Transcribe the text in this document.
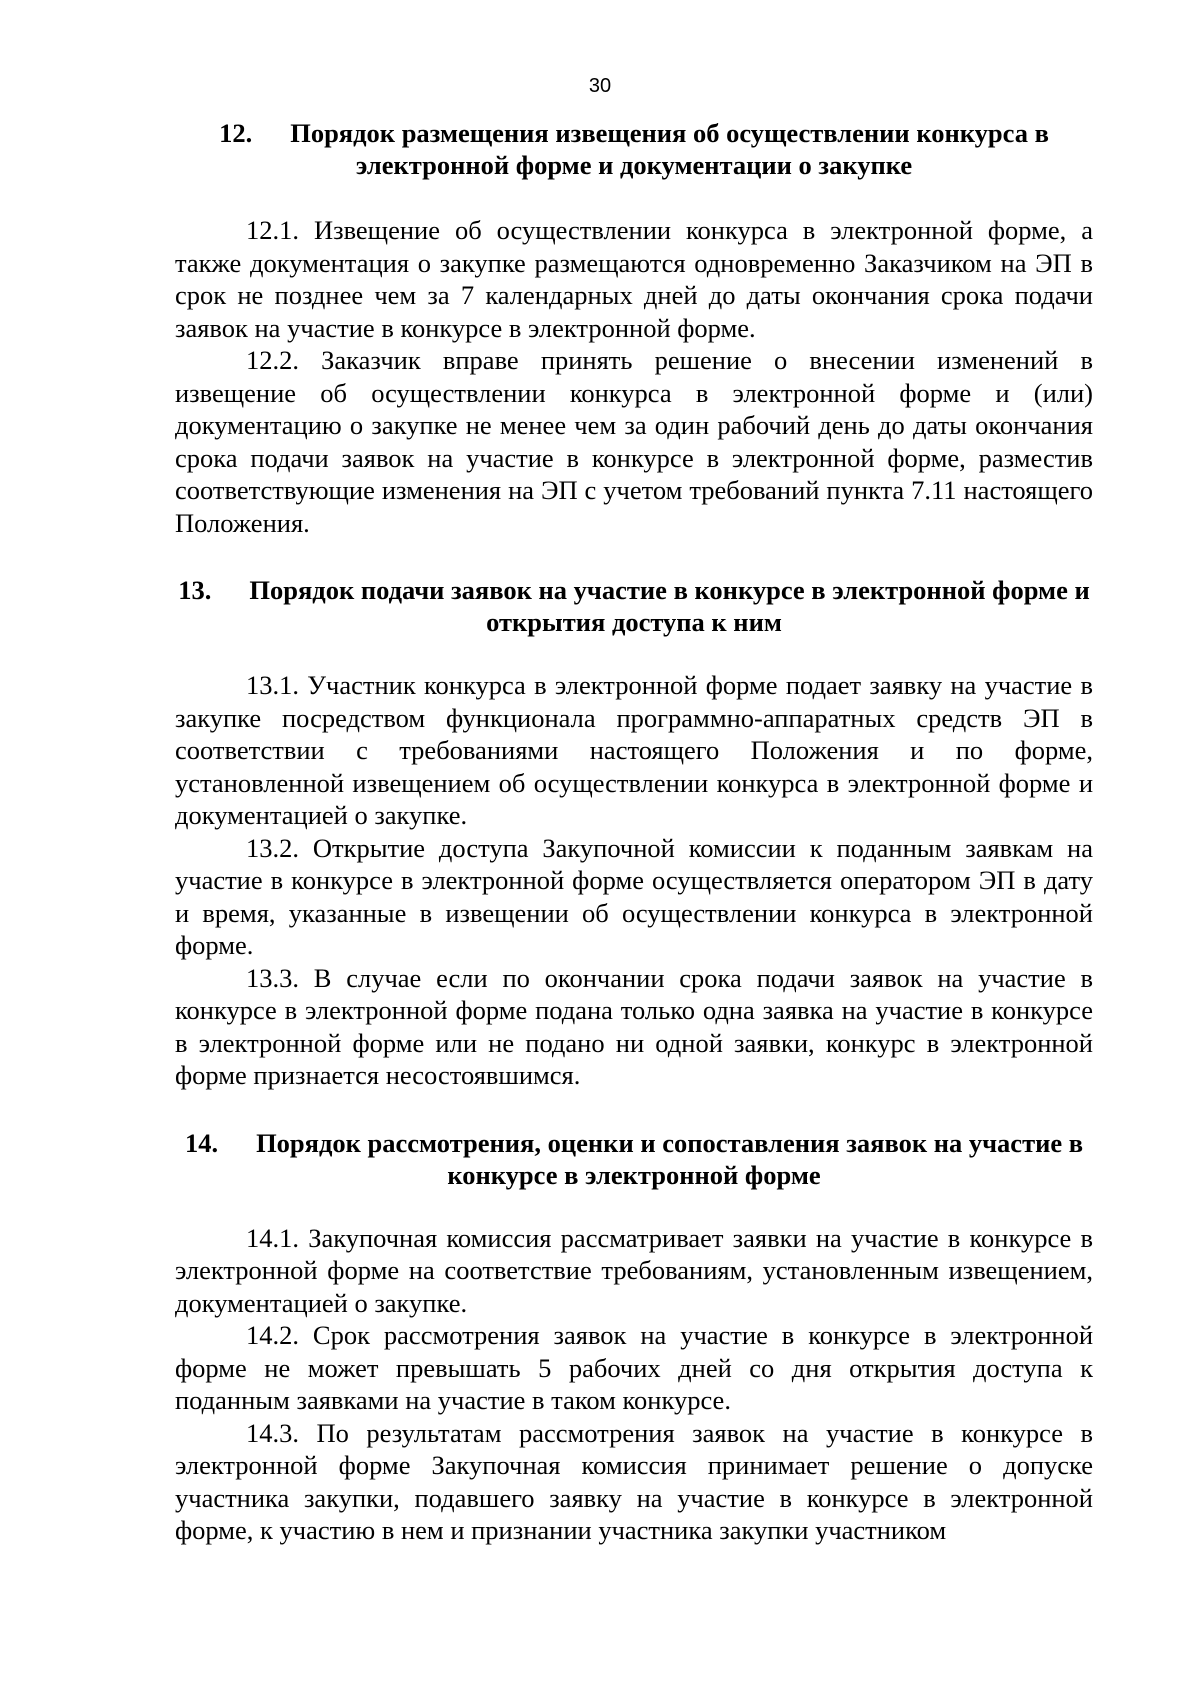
30
12. Порядок размещения извещения об осуществлении конкурса в электронной форме и документации о закупке

12.1. Извещение об осуществлении конкурса в электронной форме, а также документация о закупке размещаются одновременно Заказчиком на ЭП в срок не позднее чем за 7 календарных дней до даты окончания срока подачи заявок на участие в конкурсе в электронной форме.

12.2. Заказчик вправе принять решение о внесении изменений в извещение об осуществлении конкурса в электронной форме и (или) документацию о закупке не менее чем за один рабочий день до даты окончания срока подачи заявок на участие в конкурсе в электронной форме, разместив соответствующие изменения на ЭП с учетом требований пункта 7.11 настоящего Положения.

13. Порядок подачи заявок на участие в конкурсе в электронной форме и открытия доступа к ним

13.1. Участник конкурса в электронной форме подает заявку на участие в закупке посредством функционала программно-аппаратных средств ЭП в соответствии с требованиями настоящего Положения и по форме, установленной извещением об осуществлении конкурса в электронной форме и документацией о закупке.

13.2. Открытие доступа Закупочной комиссии к поданным заявкам на участие в конкурсе в электронной форме осуществляется оператором ЭП в дату и время, указанные в извещении об осуществлении конкурса в электронной форме.

13.3. В случае если по окончании срока подачи заявок на участие в конкурсе в электронной форме подана только одна заявка на участие в конкурсе в электронной форме или не подано ни одной заявки, конкурс в электронной форме признается несостоявшимся.

14. Порядок рассмотрения, оценки и сопоставления заявок на участие в конкурсе в электронной форме

14.1. Закупочная комиссия рассматривает заявки на участие в конкурсе в электронной форме на соответствие требованиям, установленным извещением, документацией о закупке.

14.2. Срок рассмотрения заявок на участие в конкурсе в электронной форме не может превышать 5 рабочих дней со дня открытия доступа к поданным заявками на участие в таком конкурсе.

14.3. По результатам рассмотрения заявок на участие в конкурсе в электронной форме Закупочная комиссия принимает решение о допуске участника закупки, подавшего заявку на участие в конкурсе в электронной форме, к участию в нем и признании участника закупки участником
